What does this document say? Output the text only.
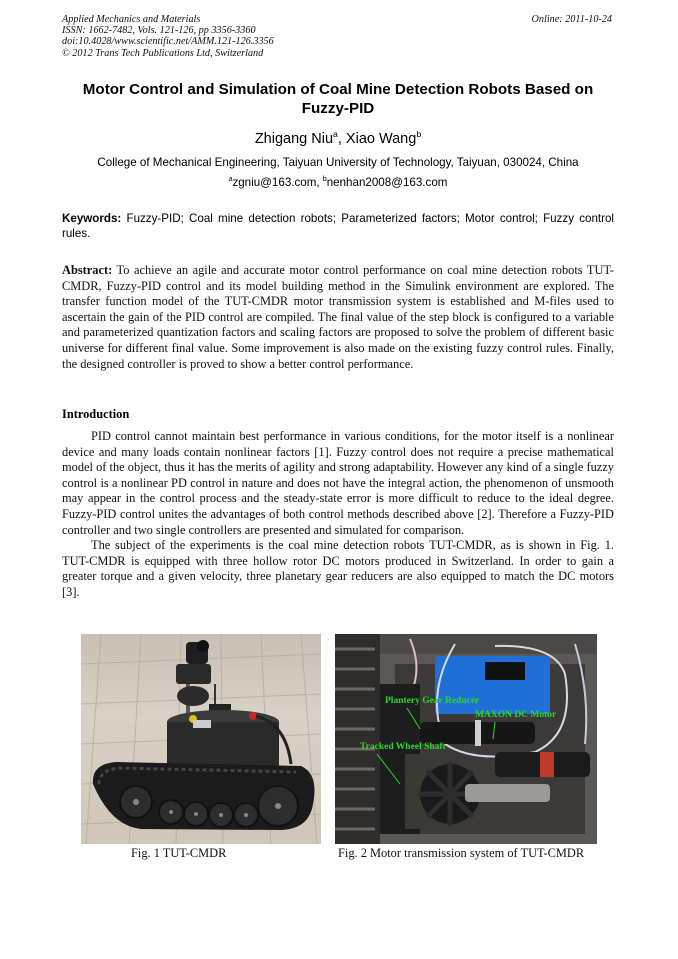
Applied Mechanics and Materials
ISSN: 1662-7482, Vols. 121-126, pp 3356-3360
doi:10.4028/www.scientific.net/AMM.121-126.3356
© 2012 Trans Tech Publications Ltd, Switzerland
Online: 2011-10-24
Motor Control and Simulation of Coal Mine Detection Robots Based on Fuzzy-PID
Zhigang Niu$^a$, Xiao Wang$^b$
College of Mechanical Engineering, Taiyuan University of Technology, Taiyuan, 030024, China
$^a$zgniu@163.com, $^b$nenhan2008@163.com
Keywords: Fuzzy-PID; Coal mine detection robots; Parameterized factors; Motor control; Fuzzy control rules.
Abstract: To achieve an agile and accurate motor control performance on coal mine detection robots TUT-CMDR, Fuzzy-PID control and its model building method in the Simulink environment are explored. The transfer function model of the TUT-CMDR motor transmission system is established and M-files used to ascertain the gain of the PID control are compiled. The final value of the step block is configured to a variable and parameterized quantization factors and scaling factors are proposed to solve the problem of different basic universe for different final value. Some improvement is also made on the existing fuzzy control rules. Finally, the designed controller is proved to show a better control performance.
Introduction

PID control cannot maintain best performance in various conditions, for the motor itself is a nonlinear device and many loads contain nonlinear factors [1]. Fuzzy control does not require a precise mathematical model of the object, thus it has the merits of agility and strong adaptability. However any kind of a single fuzzy control is a nonlinear PD control in nature and does not have the integral action, the phenomenon of unsmooth may appear in the control process and the steady-state error is more difficult to reduce to the ideal degree. Fuzzy-PID control unites the advantages of both control methods described above [2]. Therefore a Fuzzy-PID controller and two single controllers are presented and simulated for comparison.

The subject of the experiments is the coal mine detection robots TUT-CMDR, as is shown in Fig. 1. TUT-CMDR is equipped with three hollow rotor DC motors produced in Switzerland. In order to gain a greater torque and a given velocity, three planetary gear reducers are also equipped to match the DC motors [3].

Plantery Gear Reducer
MAXON DC Motor
Tracked Wheel Shaft
Fig. 1 TUT-CMDR	Fig. 2 Motor transmission system of TUT-CMDR
